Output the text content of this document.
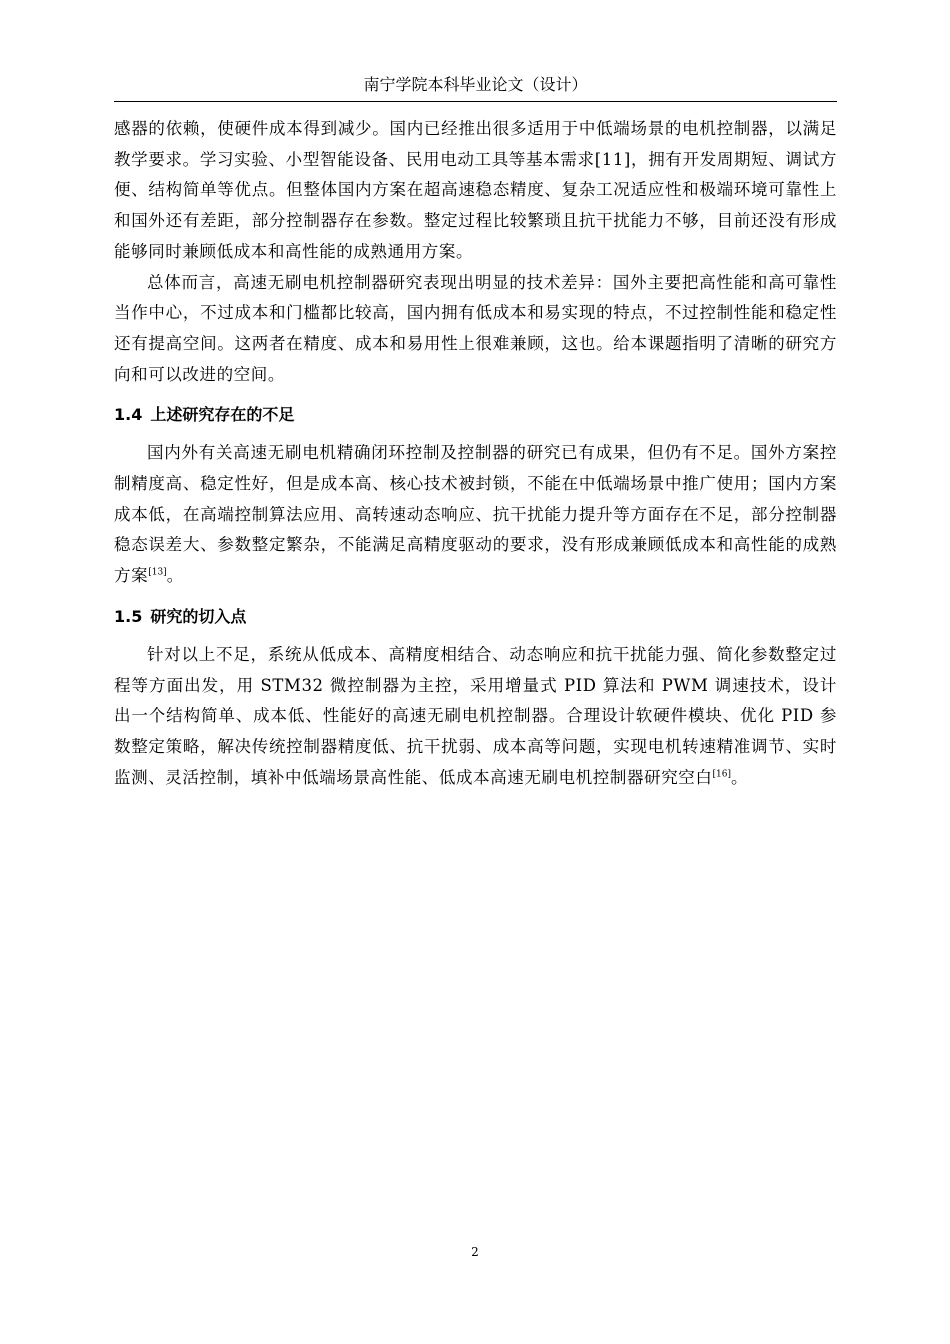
南宁学院本科毕业论文（设计）

感器的依赖，使硬件成本得到减少。国内已经推出很多适用于中低端场景的电机控制器，以满足教学要求。学习实验、小型智能设备、民用电动工具等基本需求[11]，拥有开发周期短、调试方便、结构简单等优点。但整体国内方案在超高速稳态精度、复杂工况适应性和极端环境可靠性上和国外还有差距，部分控制器存在参数。整定过程比较繁琐且抗干扰能力不够，目前还没有形成能够同时兼顾低成本和高性能的成熟通用方案。

总体而言，高速无刷电机控制器研究表现出明显的技术差异：国外主要把高性能和高可靠性当作中心，不过成本和门槛都比较高，国内拥有低成本和易实现的特点，不过控制性能和稳定性还有提高空间。这两者在精度、成本和易用性上很难兼顾，这也。给本课题指明了清晰的研究方向和可以改进的空间。

1.4 上述研究存在的不足

国内外有关高速无刷电机精确闭环控制及控制器的研究已有成果，但仍有不足。国外方案控制精度高、稳定性好，但是成本高、核心技术被封锁，不能在中低端场景中推广使用；国内方案成本低，在高端控制算法应用、高转速动态响应、抗干扰能力提升等方面存在不足，部分控制器稳态误差大、参数整定繁杂，不能满足高精度驱动的要求，没有形成兼顾低成本和高性能的成熟方案[13]。

1.5 研究的切入点

针对以上不足，系统从低成本、高精度相结合、动态响应和抗干扰能力强、简化参数整定过程等方面出发，用 STM32 微控制器为主控，采用增量式 PID 算法和 PWM 调速技术，设计出一个结构简单、成本低、性能好的高速无刷电机控制器。合理设计软硬件模块、优化 PID 参数整定策略，解决传统控制器精度低、抗干扰弱、成本高等问题，实现电机转速精准调节、实时监测、灵活控制，填补中低端场景高性能、低成本高速无刷电机控制器研究空白[16]。

2
